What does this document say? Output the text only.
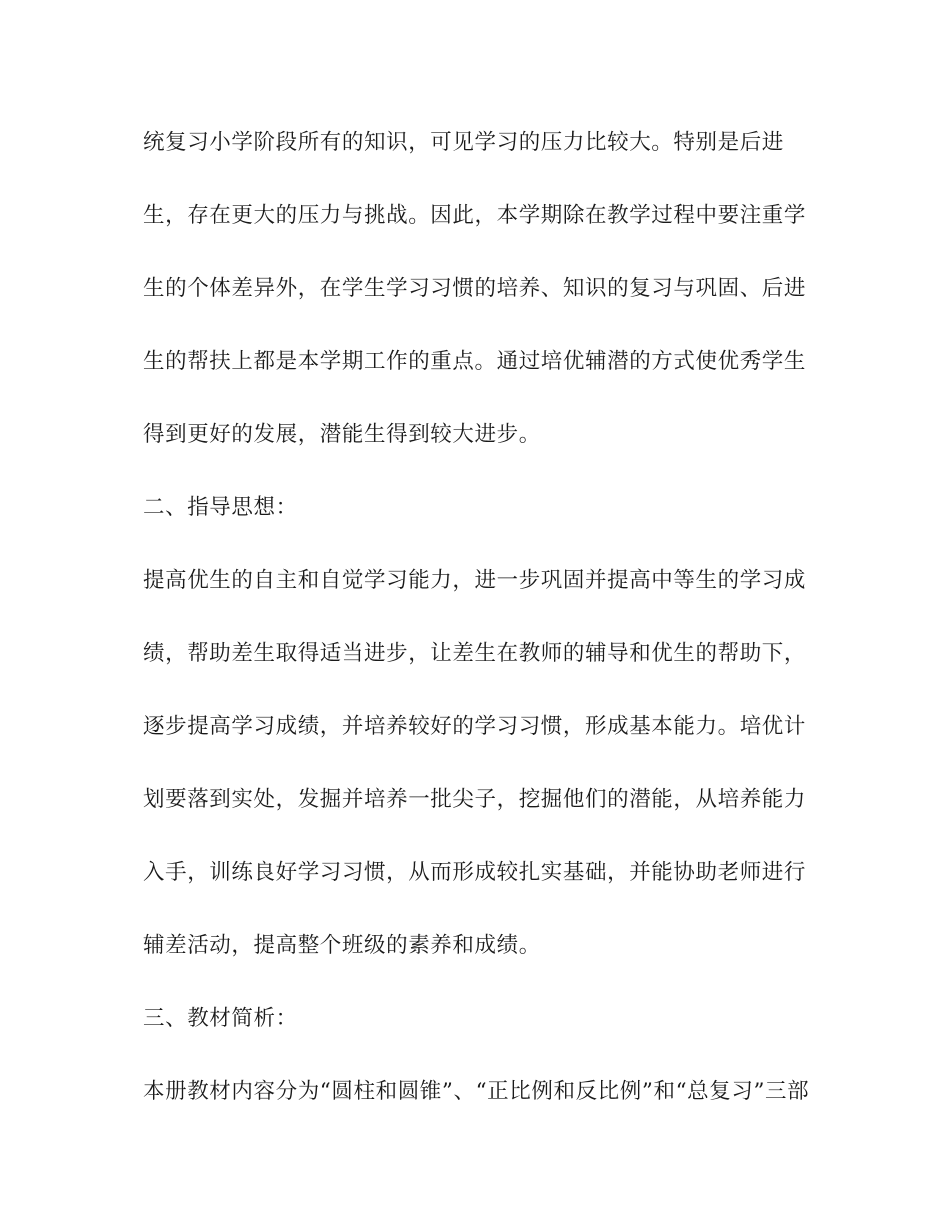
统复习小学阶段所有的知识，可见学习的压力比较大。特别是后进
生，存在更大的压力与挑战。因此，本学期除在教学过程中要注重学
生的个体差异外，在学生学习习惯的培养、知识的复习与巩固、后进
生的帮扶上都是本学期工作的重点。通过培优辅潜的方式使优秀学生
得到更好的发展，潜能生得到较大进步。
二、指导思想：
提高优生的自主和自觉学习能力，进一步巩固并提高中等生的学习成
绩，帮助差生取得适当进步，让差生在教师的辅导和优生的帮助下，
逐步提高学习成绩，并培养较好的学习习惯，形成基本能力。培优计
划要落到实处，发掘并培养一批尖子，挖掘他们的潜能，从培养能力
入手，训练良好学习习惯，从而形成较扎实基础，并能协助老师进行
辅差活动，提高整个班级的素养和成绩。
三、教材简析：
本册教材内容分为“圆柱和圆锥”、“正比例和反比例”和“总复习”三部
